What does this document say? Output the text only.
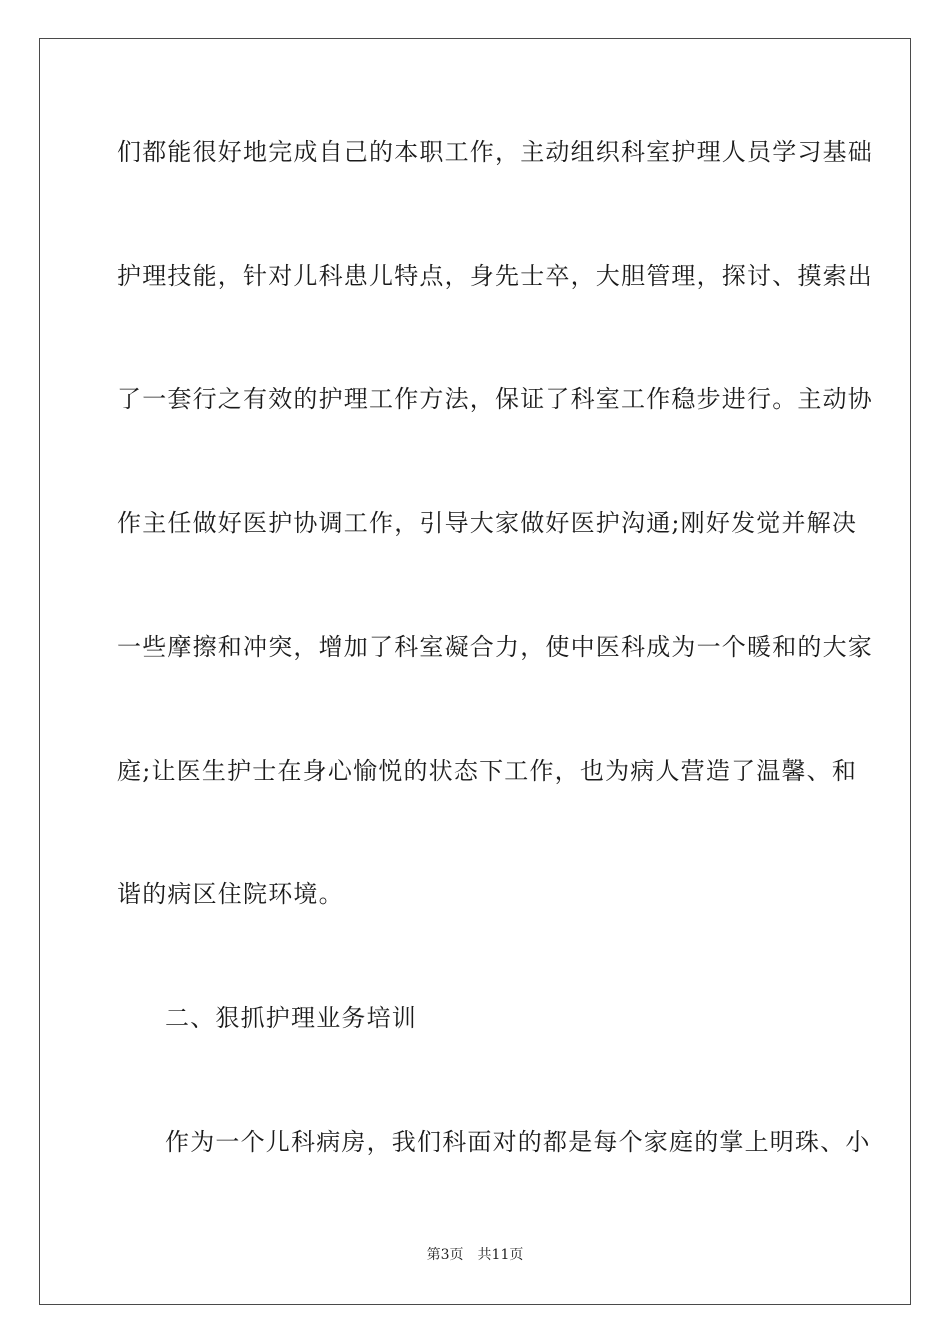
们都能很好地完成自己的本职工作，主动组织科室护理人员学习基础
护理技能，针对儿科患儿特点，身先士卒，大胆管理，探讨、摸索出
了一套行之有效的护理工作方法，保证了科室工作稳步进行。主动协
作主任做好医护协调工作，引导大家做好医护沟通;刚好发觉并解决
一些摩擦和冲突，增加了科室凝合力，使中医科成为一个暖和的大家
庭;让医生护士在身心愉悦的状态下工作，也为病人营造了温馨、和
谐的病区住院环境。
二、狠抓护理业务培训
作为一个儿科病房，我们科面对的都是每个家庭的掌上明珠、小
第3页 共11页
